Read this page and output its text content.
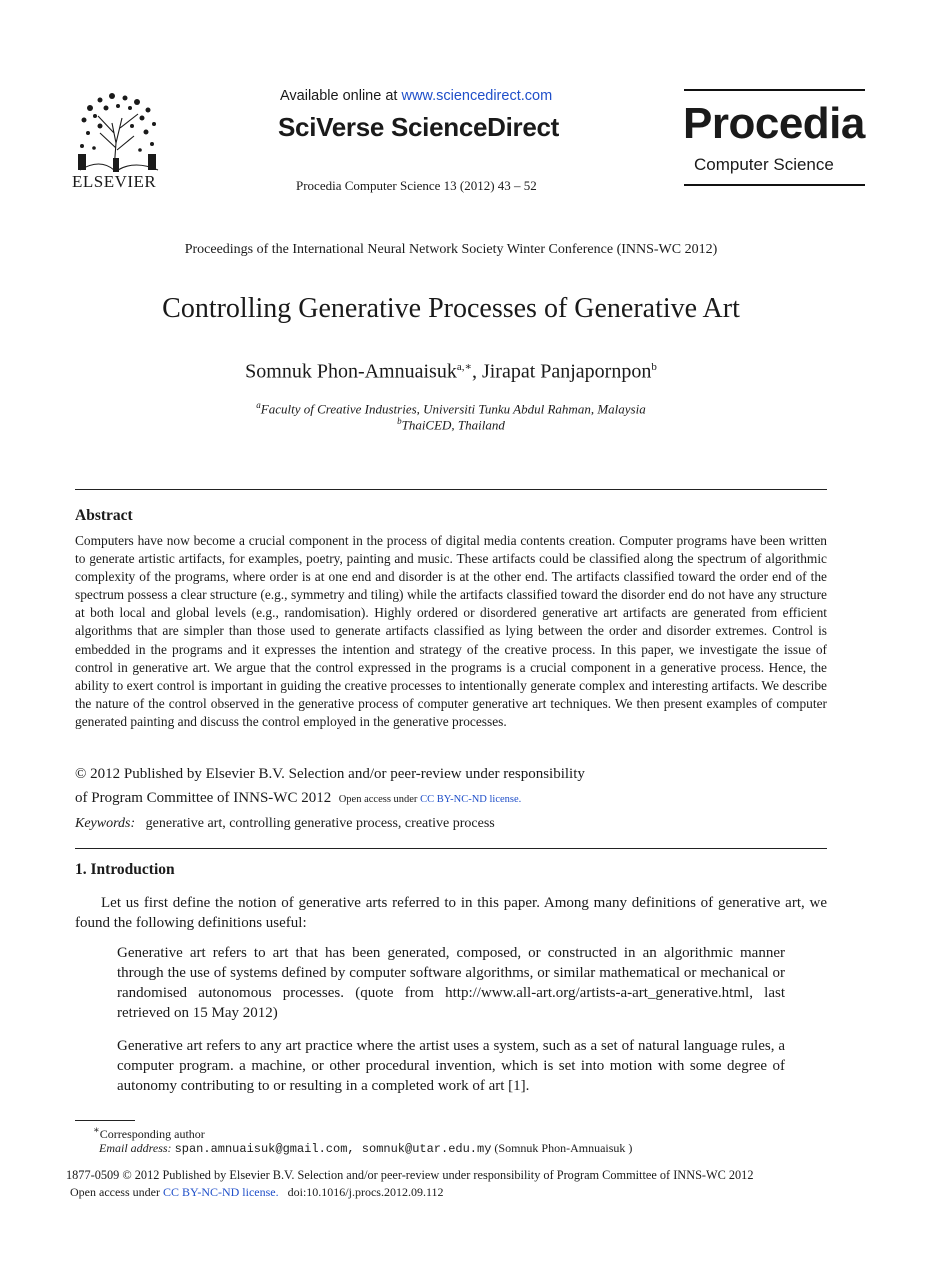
ELSEVIER
Available online at www.sciencedirect.com
SciVerse ScienceDirect
Procedia Computer Science 13 (2012) 43 – 52
Procedia
Computer Science
Proceedings of the International Neural Network Society Winter Conference (INNS-WC 2012)
Controlling Generative Processes of Generative Art
Somnuk Phon-Amnuaisuk$^{a,∗}$, Jirapat Panjapornpon$^b$
$^a$Faculty of Creative Industries, Universiti Tunku Abdul Rahman, Malaysia
$^b$ThaiCED, Thailand
Abstract
Computers have now become a crucial component in the process of digital media contents creation. Computer programs have been written to generate artistic artifacts, for examples, poetry, painting and music. These artifacts could be classified along the spectrum of algorithmic complexity of the programs, where order is at one end and disorder is at the other end. The artifacts classified toward the order end of the spectrum possess a clear structure (e.g., symmetry and tiling) while the artifacts classified toward the disorder end do not have any structure at both local and global levels (e.g., randomisation). Highly ordered or disordered generative art artifacts are generated from efficient algorithms that are simpler than those used to generate artifacts classified as lying between the order and disorder extremes. Control is embedded in the programs and it expresses the intention and strategy of the creative process. In this paper, we investigate the issue of control in generative art. We argue that the control expressed in the programs is a crucial component in a generative process. Hence, the ability to exert control is important in guiding the creative processes to intentionally generate complex and interesting artifacts. We describe the nature of the control observed in the generative process of computer generative art techniques. We then present examples of computer generated painting and discuss the control employed in the generative processes.
© 2012 Published by Elsevier B.V. Selection and/or peer-review under responsibility
of Program Committee of INNS-WC 2012 Open access under CC BY-NC-ND license.
Keywords: generative art, controlling generative process, creative process
1. Introduction
Let us first define the notion of generative arts referred to in this paper. Among many definitions of generative art, we found the following definitions useful:
Generative art refers to art that has been generated, composed, or constructed in an algorithmic manner through the use of systems defined by computer software algorithms, or similar mathematical or mechanical or randomised autonomous processes. (quote from http://www.all-art.org/artists-a-art_generative.html, last retrieved on 15 May 2012)
Generative art refers to any art practice where the artist uses a system, such as a set of natural language rules, a computer program. a machine, or other procedural invention, which is set into motion with some degree of autonomy contributing to or resulting in a completed work of art [1].
∗Corresponding author
Email address: span.amnuaisuk@gmail.com, somnuk@utar.edu.my (Somnuk Phon-Amnuaisuk )
1877-0509 © 2012 Published by Elsevier B.V. Selection and/or peer-review under responsibility of Program Committee of INNS-WC 2012
Open access under CC BY-NC-ND license. doi:10.1016/j.procs.2012.09.112
